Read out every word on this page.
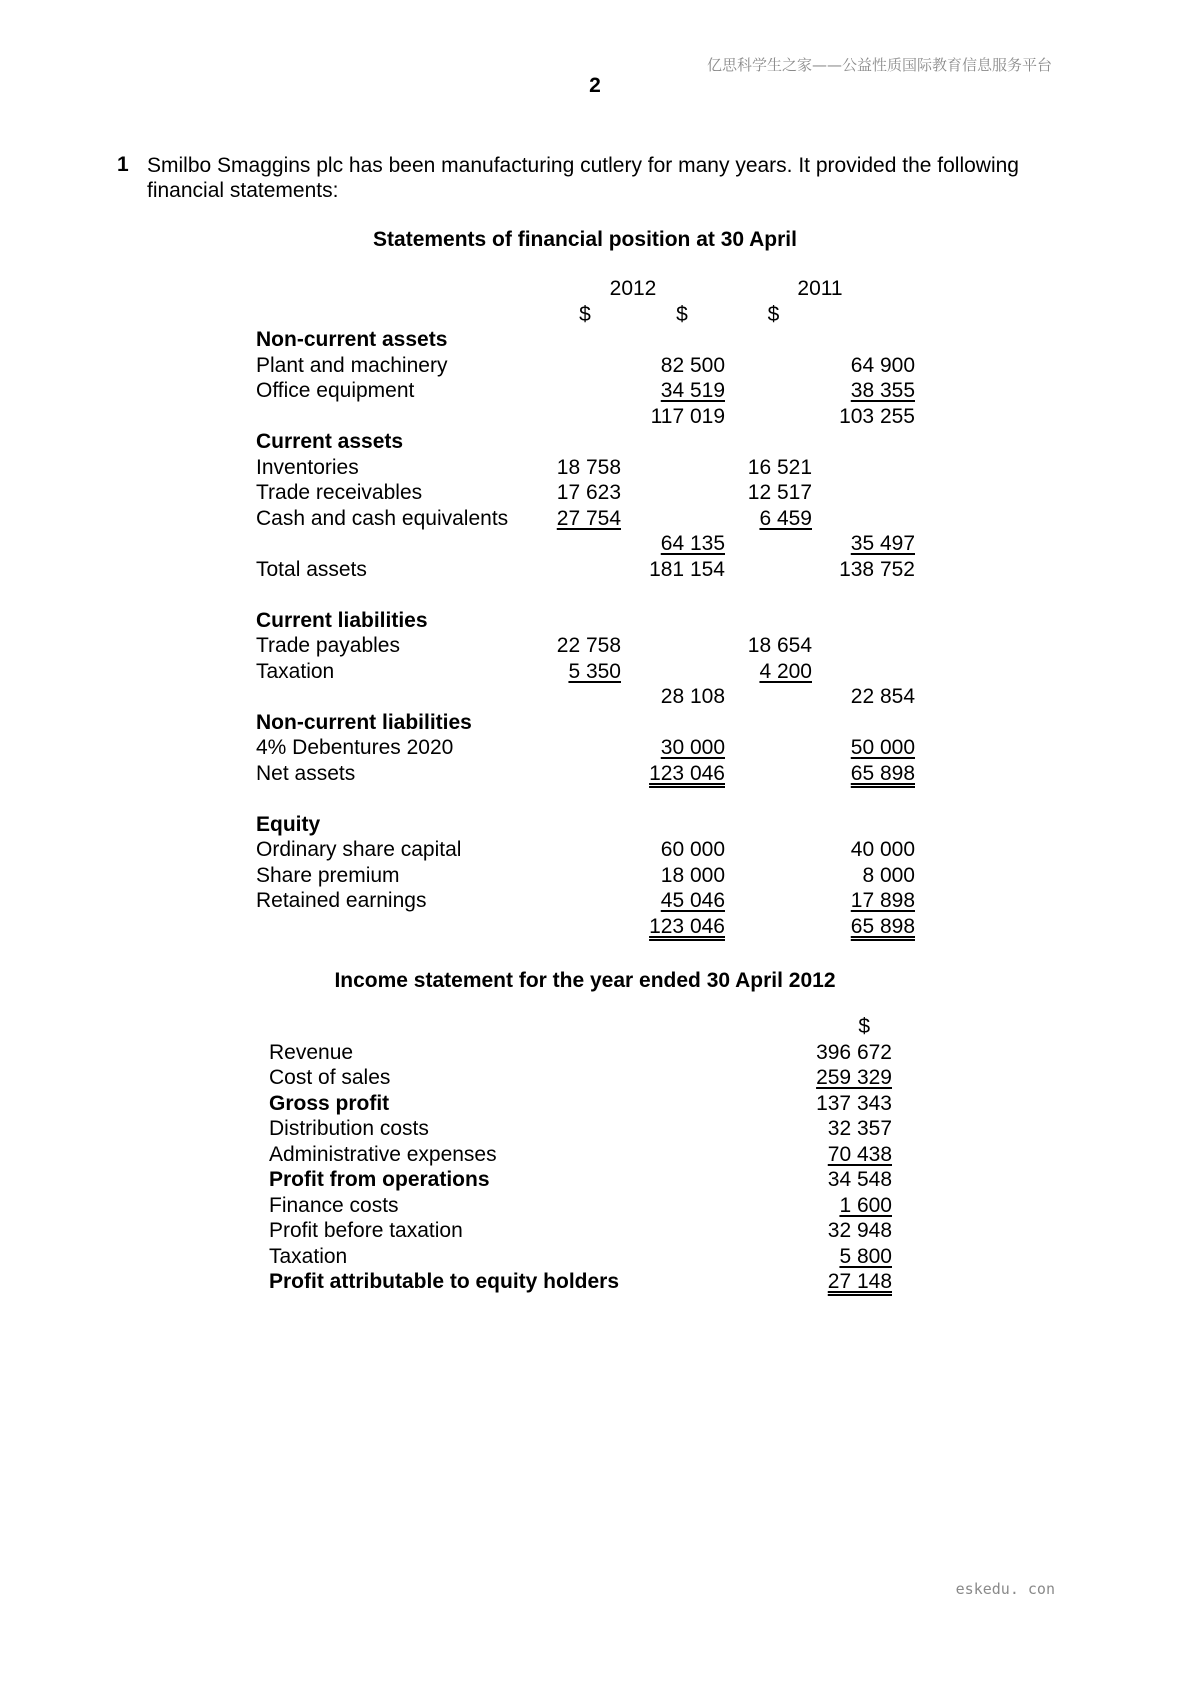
亿思科学生之家——公益性质国际教育信息服务平台
2
1 Smilbo Smaggins plc has been manufacturing cutlery for many years. It provided the following financial statements:
Statements of financial position at 30 April
	2012		2011	
	$	$	$	
Non-current assets				
Plant and machinery		82 500		64 900
Office equipment		34 519		38 355
		117 019		103 255
Current assets				
Inventories	18 758		16 521	
Trade receivables	17 623		12 517	
Cash and cash equivalents	27 754		6 459	
		64 135		35 497
Total assets		181 154		138 752

Current liabilities				
Trade payables	22 758		18 654	
Taxation	5 350		4 200	
		28 108		22 854
Non-current liabilities				
4% Debentures 2020		30 000		50 000
Net assets		123 046		65 898

Equity				
Ordinary share capital		60 000		40 000
Share premium		18 000		8 000
Retained earnings		45 046		17 898
		123 046		65 898
Income statement for the year ended 30 April 2012
	$
Revenue	396 672
Cost of sales	259 329
Gross profit	137 343
Distribution costs	32 357
Administrative expenses	70 438
Profit from operations	34 548
Finance costs	1 600
Profit before taxation	32 948
Taxation	5 800
Profit attributable to equity holders	27 148
eskedu. con
